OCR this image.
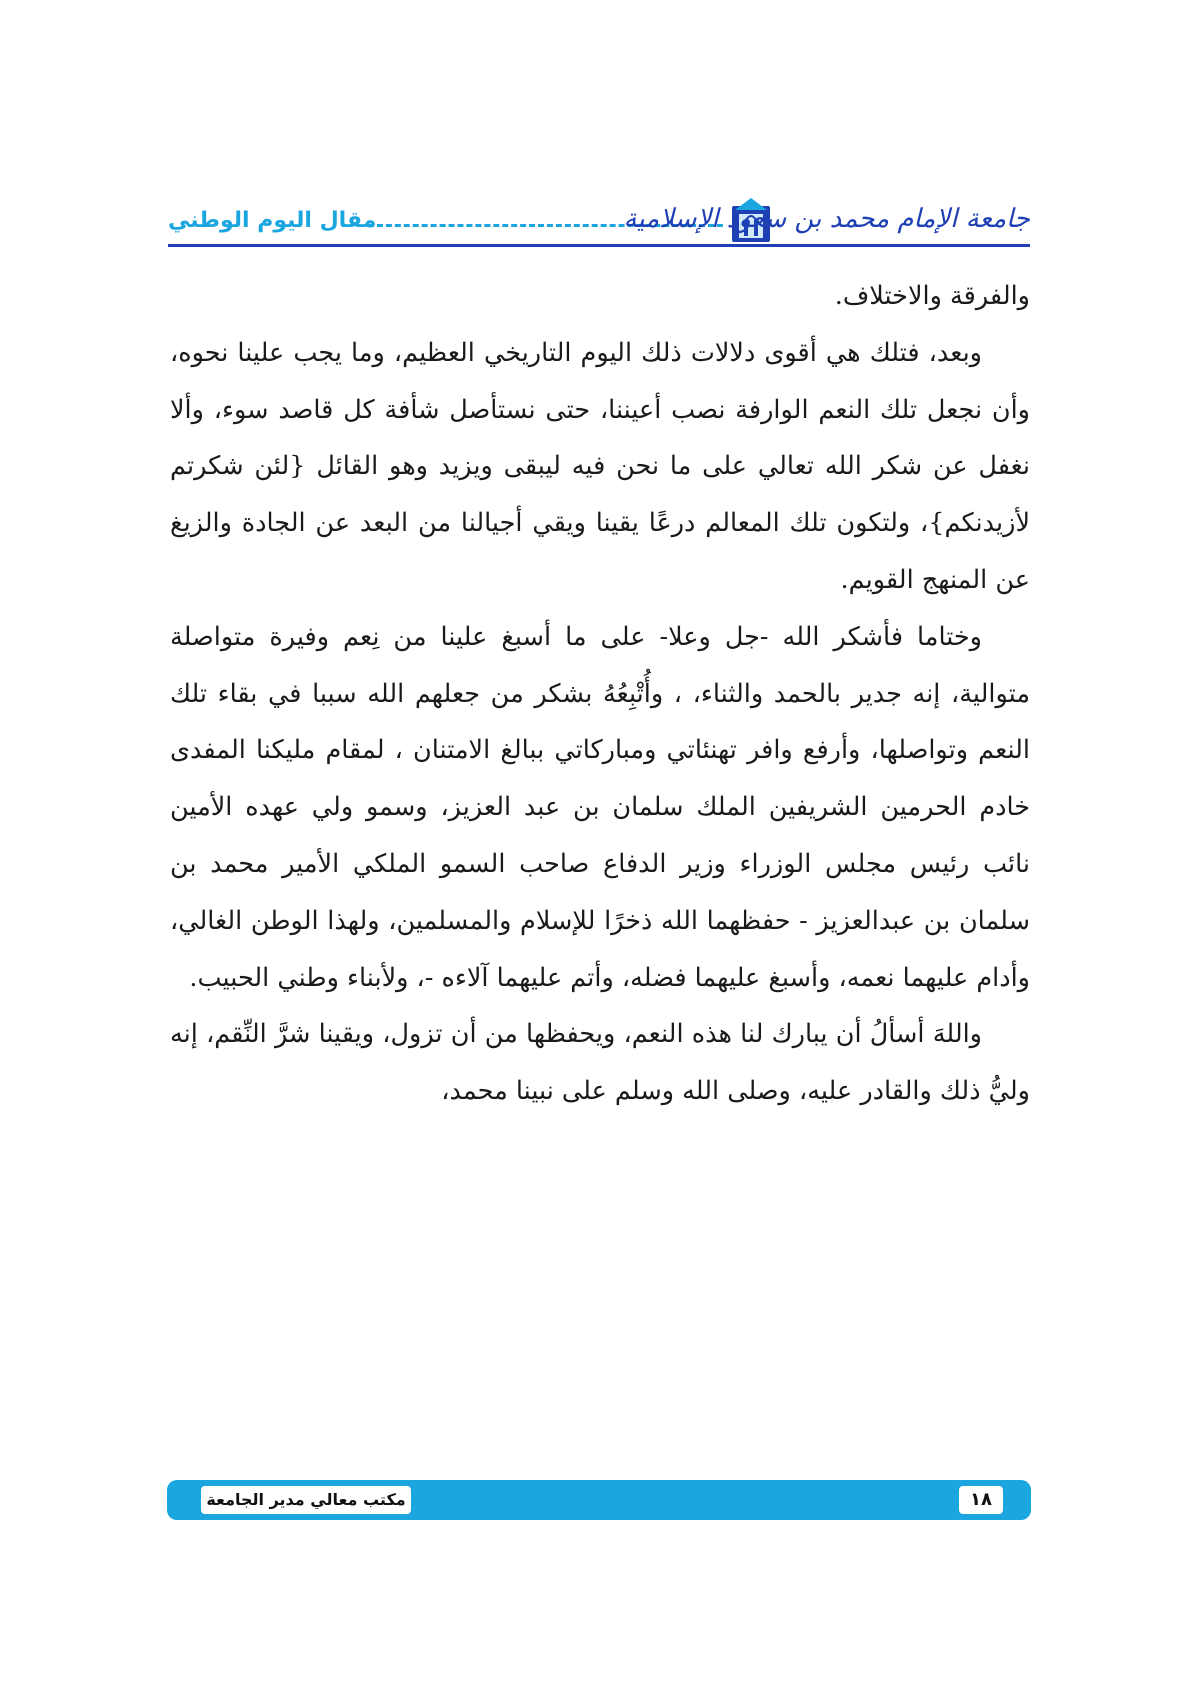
مقال اليوم الوطني	جامعة الإمام محمد بن سعود الإسلامية

والفرقة والاختلاف.

وبعد، فتلك هي أقوى دلالات ذلك اليوم التاريخي العظيم، وما يجب علينا نحوه، وأن نجعل تلك النعم الوارفة نصب أعيننا، حتى نستأصل شأفة كل قاصد سوء، وألا نغفل عن شكر الله تعالي على ما نحن فيه ليبقى ويزيد وهو القائل {لئن شكرتم لأزيدنكم}، ولتكون تلك المعالم درعًا يقينا ويقي أجيالنا من البعد عن الجادة والزيغ عن المنهج القويم.

وختاما فأشكر الله -جل وعلا- على ما أسبغ علينا من نِعم وفيرة متواصلة متوالية، إنه جدير بالحمد والثناء، ، وأُتْبِعُهُ بشكر من جعلهم الله سببا في بقاء تلك النعم وتواصلها، وأرفع وافر تهنئاتي ومباركاتي ببالغ الامتنان ، لمقام مليكنا المفدى خادم الحرمين الشريفين الملك سلمان بن عبد العزيز، وسمو ولي عهده الأمين نائب رئيس مجلس الوزراء وزير الدفاع صاحب السمو الملكي الأمير محمد بن سلمان بن عبدالعزيز - حفظهما الله ذخرًا للإسلام والمسلمين، ولهذا الوطن الغالي، وأدام عليهما نعمه، وأسبغ عليهما فضله، وأتم عليهما آلاءه -، ولأبناء وطني الحبيب.

واللهَ أسألُ أن يبارك لنا هذه النعم، ويحفظها من أن تزول، ويقينا شرَّ النِّقم، إنه وليُّ ذلك والقادر عليه، وصلى الله وسلم على نبينا محمد،

مكتب معالي مدير الجامعة	١٨
